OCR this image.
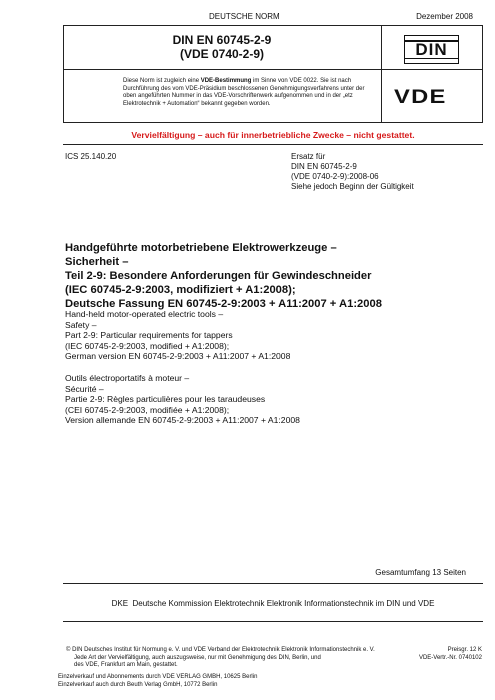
DEUTSCHE NORM	Dezember 2008
DIN EN 60745-2-9
(VDE 0740-2-9)	DIN
Diese Norm ist zugleich eine VDE-Bestimmung im Sinne von VDE 0022. Sie ist nach Durchführung des vom VDE-Präsidium beschlossenen Genehmigungsverfahrens unter der oben angeführten Nummer in das VDE-Vorschriftenwerk aufgenommen und in der „etz Elektrotechnik + Automation“ bekannt gegeben worden.	VDE
Vervielfältigung – auch für innerbetriebliche Zwecke – nicht gestattet.
ICS 25.140.20	Ersatz für
DIN EN 60745-2-9
(VDE 0740-2-9):2008-06
Siehe jedoch Beginn der Gültigkeit
Handgeführte motorbetriebene Elektrowerkzeuge –
Sicherheit –
Teil 2-9: Besondere Anforderungen für Gewindeschneider
(IEC 60745-2-9:2003, modifiziert + A1:2008);
Deutsche Fassung EN 60745-2-9:2003 + A11:2007 + A1:2008
Hand-held motor-operated electric tools –
Safety –
Part 2-9: Particular requirements for tappers
(IEC 60745-2-9:2003, modified + A1:2008);
German version EN 60745-2-9:2003 + A11:2007 + A1:2008
Outils électroportatifs à moteur –
Sécurité –
Partie 2-9: Règles particulières pour les taraudeuses
(CEI 60745-2-9:2003, modifiée + A1:2008);
Version allemande EN 60745-2-9:2003 + A11:2007 + A1:2008
Gesamtumfang 13 Seiten
DKE Deutsche Kommission Elektrotechnik Elektronik Informationstechnik im DIN und VDE
© DIN Deutsches Institut für Normung e. V. und VDE Verband der Elektrotechnik Elektronik Informationstechnik e. V.
Jede Art der Vervielfältigung, auch auszugsweise, nur mit Genehmigung des DIN, Berlin, und
des VDE, Frankfurt am Main, gestattet.
Preisgr. 12 K
VDE-Vertr.-Nr. 0740102
Einzelverkauf und Abonnements durch VDE VERLAG GMBH, 10625 Berlin
Einzelverkauf auch durch Beuth Verlag GmbH, 10772 Berlin
